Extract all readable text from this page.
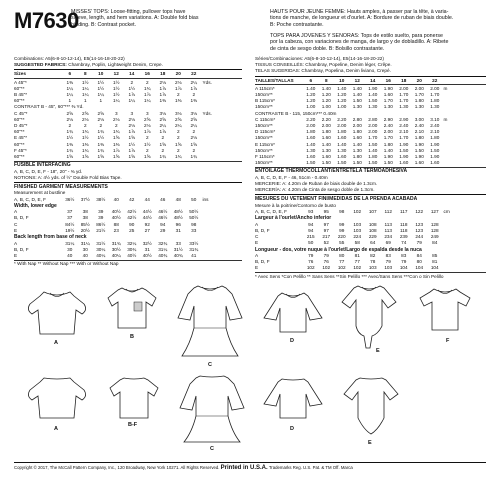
M7630
MISSES' TOPS: Loose-fitting, pullover tops have
sleeve, length, and hem variations. A: Double fold bias
binding. B: Contrast pocket.
HAUTS POUR JEUNE FEMME: Hauts amples, à passer par la tête, à varia-
tions de manche, de longueur et d'ourlet. A: Bordure de ruban de biais double.
B: Poche contrastante.
TOPS PARA JÓVENES Y SEÑORAS: Tops de estilo suelto, para ponerse
por la cabeza, con variaciones de manga, de largo y de dobladillo. A: Ribete
de cinta de sesgo doble. B: Bolsillo contrastante.
Combinations: A5(6-8-10-12-14), E5(14-16-18-20-22)
SUGGESTED FABRICS: Chambray, Poplin, Lightweight Denim, Crepe.
Sizes	6	8	10	12	14	16	18	20	22
A 45"*	1⅜	1½	1½	1½	2	2	2⅛	2⅛	2¼	Yds.
60"**	1¼	1¼	1½	1½	1½	1¾	1⅞	1⅞	1⅞
B 45"*	1¼	1¼	1¼	1½	1⅞	1⅞	1⅞	2	2
60"**	1	1	1	1¼	1¼	1¼	1⅜	1⅜	1⅜
CONTRAST B - 45", 60"*** ⅜ Yd.
C 45"*	2⅝	2⅝	2⅝	3	3	3	3⅛	3⅛	3⅛	Yds.
60"**	2⅛	2⅛	2⅛	2⅛	2⅛	2⅝	2⅝	2⅝	2⅝
D 45"*	2	2	2	2	2⅛	2⅛	2¼	2¼	2¼
60"**	1¾	1¾	1¾	1¾	1⅞	1⅞	1⅞	2	2
E 45"*	1½	1½	1½	1⅝	1⅝	2	2	2	2⅛
60"**	1⅜	1⅜	1⅜	1⅜	1½	1½	1⅝	1⅝	1⅝
F 45"*	1¾	1¾	1¾	1⅞	1⅞	2	2	2	2
60"**	1⅝	1⅝	1⅝	1⅝	1⅝	1⅝	1¾	1¾	1¾
FUSIBLE INTERFACING
A, B, C, D, E, F - 18", 20" - ⅜ yd.
NOTIONS: A: 4½ yds. of ½" Double Fold Bias Tape.
FINISHED GARMENT MEASUREMENTS
Measurement at bustline
A, B, C, D, E, F	36½	37½	38½	40	42	44	46	48	50	ins
Width, lower edge
A	37	38	39	40½	42½	44½	46½	48½	50½
B, D, F	37	38	39	40½	42½	44½	46½	48½	50½
C	84½	85½	86½	88	90	92	94	96	98
E	19½	20½	21½	23	25	27	29	31	33
Back length from base of neck
A	31¼	31¼	31½	31¾	32¼	32½	32¾	33	33½
B, D, F	30	30	30¼	30½	30¾	31	31¼	31½	31¾
E	40	40	40¼	40¼	40½	40½	40¾	40¾	41
* With Nap ** Without Nap *** With or Without Nap
Séries/Combinaciones: A5(6-8-10-12-14), E5(14-16-18-20-22)
TISSUS CONSEILLÉS: Chambray, Popeline, Denim léger, Crêpe.
TELAS SUGERIDAS: Chambray, Popelina, Denim liviano, Crepé.
TAILLES/TALLAS	6	8	10	12	14	16	18	20	22
A 115cm*	1.40	1.40	1.40	1.40	1.90	1.90	2.00	2.00	2.00 m
150cm**	1.20	1.20	1.20	1.40	1.40	1.60	1.70	1.70	1.70
B 115cm*	1.20	1.20	1.20	1.50	1.50	1.70	1.70	1.80	1.80
150cm**	1.00	1.00	1.00	1.30	1.30	1.30	1.30	1.30	1.30
CONTRASTE B - 115, 150cm*** 0.40m
C 115cm*	2.20	2.20	2.20	2.80	2.80	2.90	2.90	3.00	3.10 m
150cm**	2.00	2.00	2.00	2.00	2.00	2.40	2.40	2.40	2.40
D 115cm*	1.80	1.80	1.80	1.80	2.00	2.00	2.10	2.10	2.10
150cm**	1.60	1.60	1.60	1.60	1.70	1.70	1.70	1.80	1.80
E 115cm*	1.40	1.40	1.40	1.40	1.50	1.80	1.90	1.90	1.90
150cm**	1.30	1.30	1.30	1.30	1.40	1.40	1.50	1.50	1.50
F 115cm*	1.60	1.60	1.60	1.80	1.80	1.90	1.90	1.90	1.90
150cm**	1.50	1.50	1.50	1.50	1.50	1.50	1.60	1.60	1.60
ENTOILAGE THERMOCOLLANT/ENTRETELA TERMOADHESIVA
A, B, C, D, E, F - 46, 51cm - 0.40m
MERCERIE: A: 4.20m de Ruban de biais double de 1.3cm.
MERCERÍA: A: 4.20m de Cinta de sesgo doble de 1.3cm.
MESURES DU VÊTEMENT FINI/MEDIDAS DE LA PRENDA ACABADA
Mesure à la poitrine/Contorno de busto
A, B, C, D, E, F	93	95	98	102	107	112	117	122	127	cm
Largeur à l'ourlet/Ancho inferior
A	94	97	99	103	108	113	118	123	128
B, D, F	94	97	99	103	108	113	118	123	128
C	215	217	220	224	229	234	239	244	249
E	50	52	55	58	64	69	74	79	84
Longueur - dos, votre nuque à l'ourlet/Largo de espalda desde la nuca
A	79	79	80	81	82	83	83	84	85
B, D, F	76	76	77	77	78	79	79	80	81
E	102	102	102	102	103	103	104	104	104
* Avec Sens *Con Pelillo ** Sans Sens **Sin Pelillo *** Avec/Sans Sens ***Con o Sin Pelillo
A
B
C
D
E
F
A
B-F
C
D
E
Copyright © 2017, The McCall Pattern Company, Inc., 120 Broadway, New York 10271. All Rights Reserved. Printed in U.S.A. Trademarks Reg. U.S. Pat. & TM Off. Marca
